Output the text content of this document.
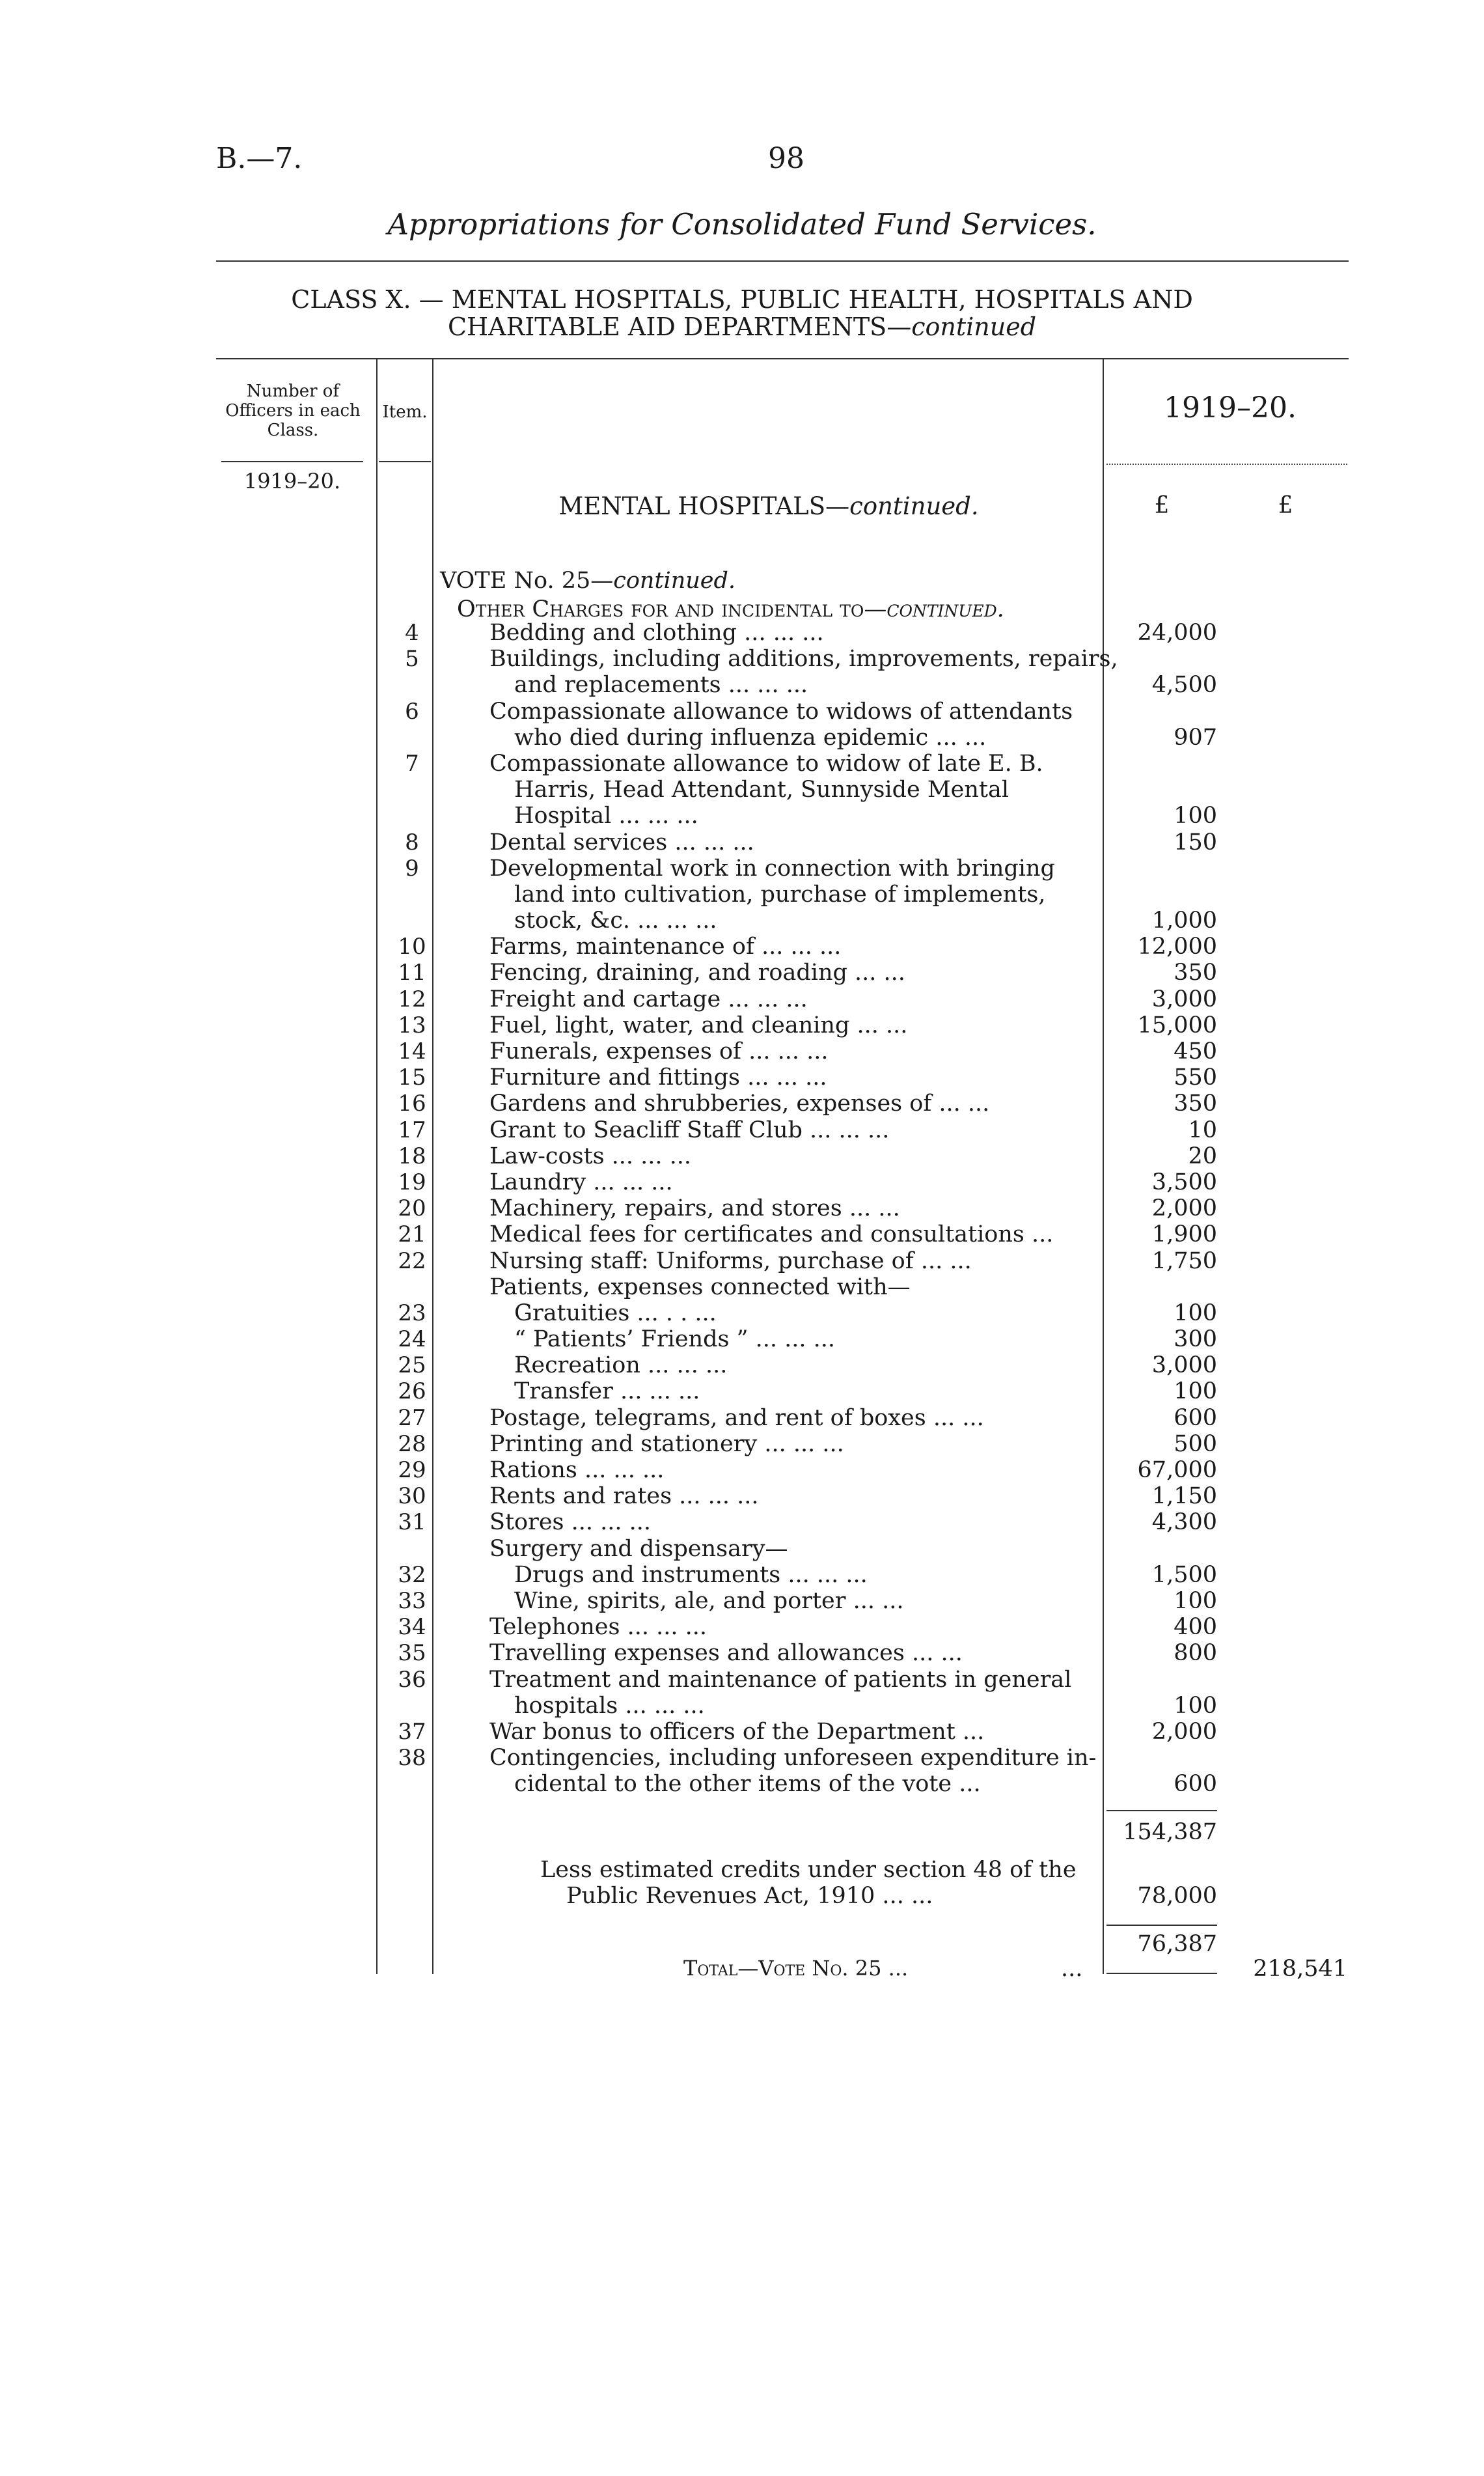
B.—7.	98
Appropriations for Consolidated Fund Services.
CLASS X. — MENTAL HOSPITALS, PUBLIC HEALTH, HOSPITALS AND
CHARITABLE AID DEPARTMENTS—continued
Number of Officers in each Class.
Item.	1919–20.
1919–20.
MENTAL HOSPITALS—continued.	£	£
VOTE No. 25—continued.
Other Charges for and incidental to—continued.
4	Bedding and clothing ... ... ...	24,000
5	Buildings, including additions, improvements, repairs,
and replacements ... ... ...	4,500
6	Compassionate allowance to widows of attendants
who died during influenza epidemic ... ...	907
7	Compassionate allowance to widow of late E. B.
Harris, Head Attendant, Sunnyside Mental
Hospital ... ... ...	100
8	Dental services ... ... ...	150
9	Developmental work in connection with bringing
land into cultivation, purchase of implements,
stock, &c. ... ... ...	1,000
10	Farms, maintenance of ... ... ...	12,000
11	Fencing, draining, and roading ... ...	350
12	Freight and cartage ... ... ...	3,000
13	Fuel, light, water, and cleaning ... ...	15,000
14	Funerals, expenses of ... ... ...	450
15	Furniture and fittings ... ... ...	550
16	Gardens and shrubberies, expenses of ... ...	350
17	Grant to Seacliff Staff Club ... ... ...	10
18	Law-costs ... ... ...	20
19	Laundry ... ... ...	3,500
20	Machinery, repairs, and stores ... ...	2,000
21	Medical fees for certificates and consultations ...	1,900
22	Nursing staff: Uniforms, purchase of ... ...	1,750
Patients, expenses connected with—
23	Gratuities ... . . ...	100
24	“ Patients’ Friends ” ... ... ...	300
25	Recreation ... ... ...	3,000
26	Transfer ... ... ...	100
27	Postage, telegrams, and rent of boxes ... ...	600
28	Printing and stationery ... ... ...	500
29	Rations ... ... ...	67,000
30	Rents and rates ... ... ...	1,150
31	Stores ... ... ...	4,300
Surgery and dispensary—
32	Drugs and instruments ... ... ...	1,500
33	Wine, spirits, ale, and porter ... ...	100
34	Telephones ... ... ...	400
35	Travelling expenses and allowances ... ...	800
36	Treatment and maintenance of patients in general
hospitals ... ... ...	100
37	War bonus to officers of the Department ...	2,000
38	Contingencies, including unforeseen expenditure in-
cidental to the other items of the vote ...	600
154,387
Less estimated credits under section 48 of the
Public Revenues Act, 1910 ... ...	78,000
76,387
Total—Vote No. 25 ...	...	218,541
